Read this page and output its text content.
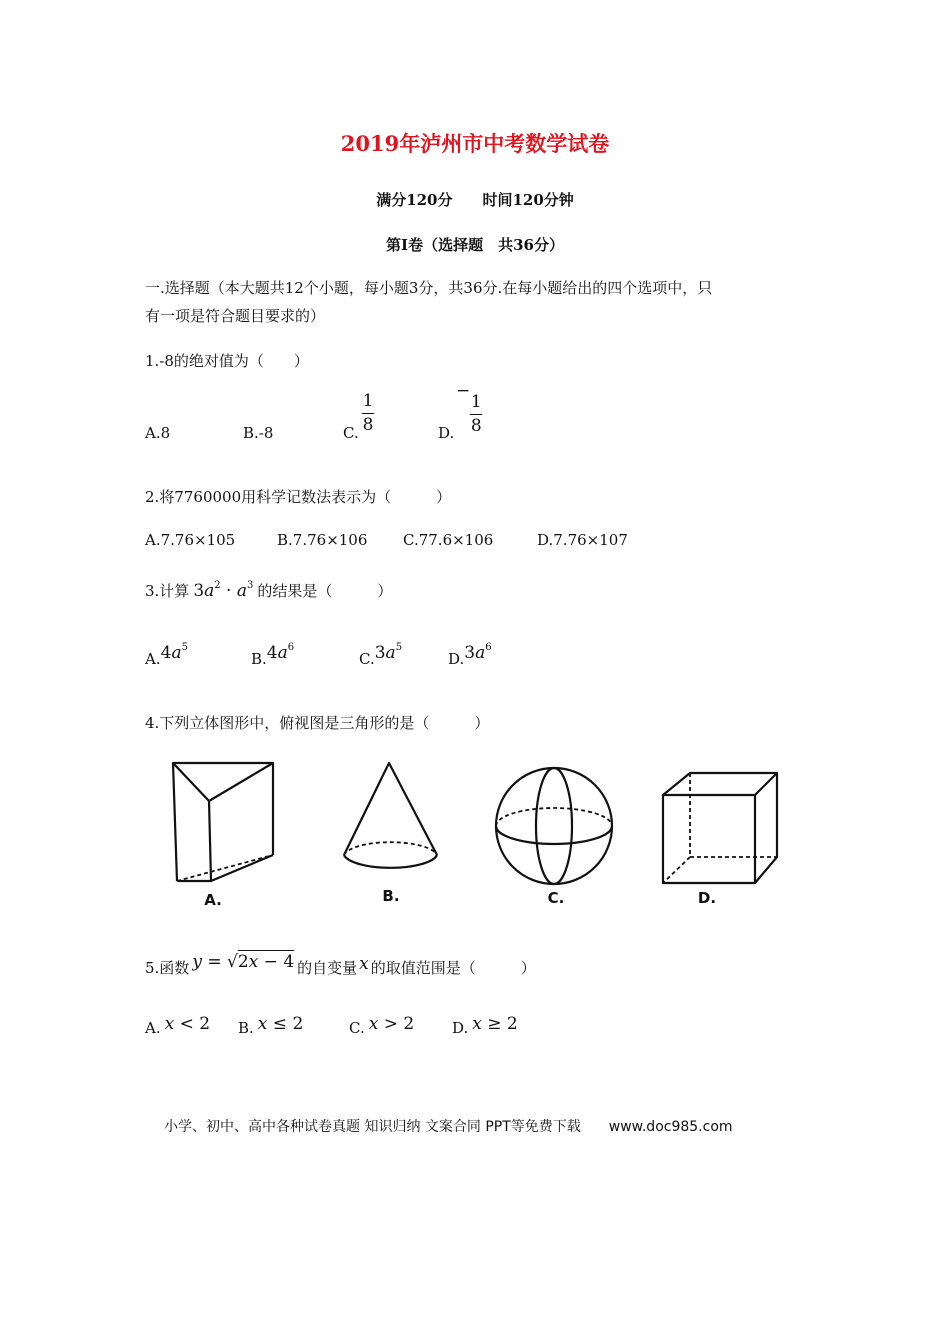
2019年泸州市中考数学试卷
满分120分　　时间120分钟
第I卷（选择题　共36分）
一.选择题（本大题共12个小题，每小题3分，共36分.在每小题给出的四个选项中，只
有一项是符合题目要求的）
1.-8的绝对值为（　　）
A.8	B.-8	C. $\frac{1}{8}$	D.
−
$\frac{1}{8}$
2.将7760000用科学记数法表示为（　　　）
A.7.76×105	B.7.76×106 C.77.6×106	D.7.76×107
3.计算 $3a^2 \cdot a^3$ 的结果是（　　　）
$A.4a^5$
$B.4a^6$
$C.3a^5$
$D.3a^6$
4.下列立体图形中，俯视图是三角形的是（　　　）
A.	B.	C.	D.
5.函数 y = √2x − 4 的自变量 x 的取值范围是（　　　）
A. x < 2 B. x ≤ 2	C. x > 2	D. x ≥ 2
小学、初中、高中各种试卷真题 知识归纳 文案合同 PPT等免费下载　　www.doc985.com
